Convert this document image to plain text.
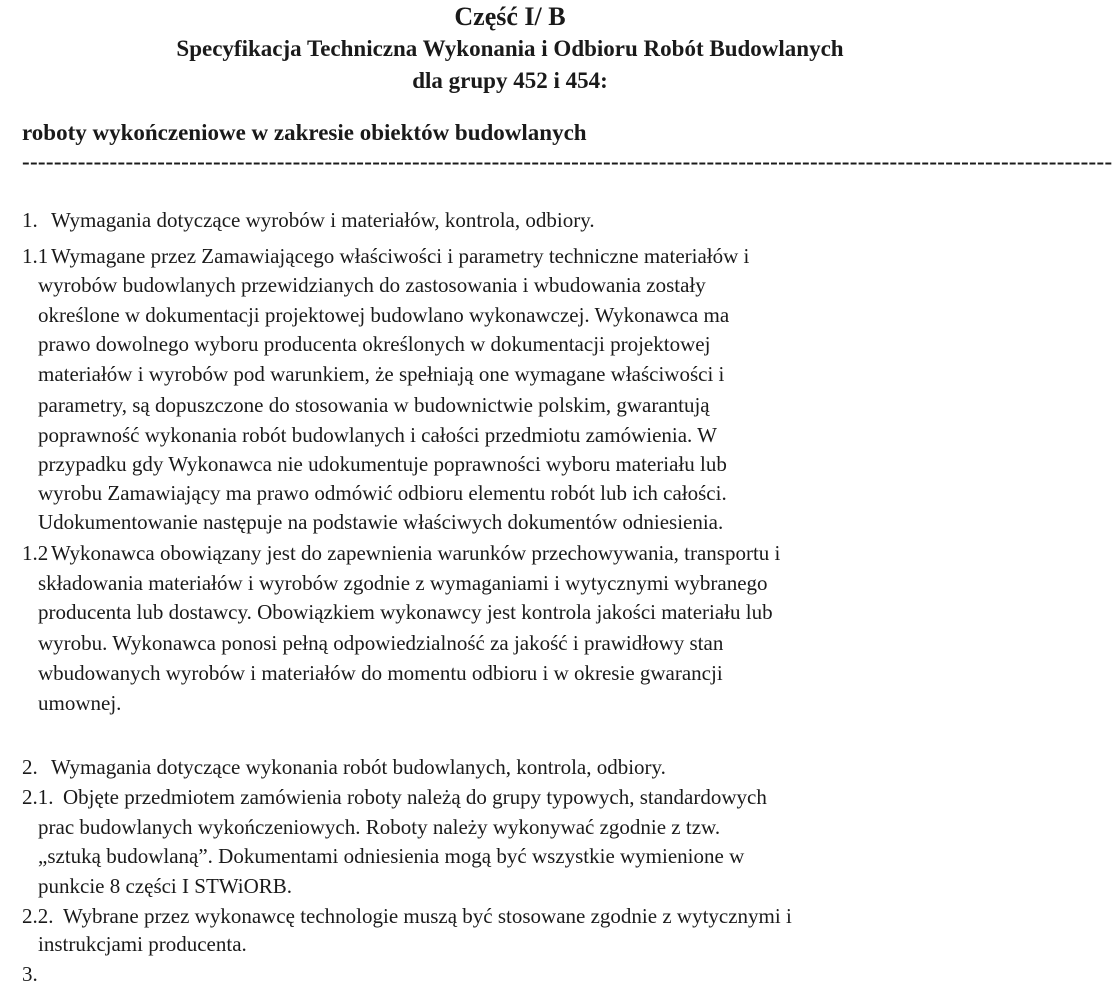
Część I/ B
Specyfikacja Techniczna Wykonania i Odbioru Robót Budowlanych
dla grupy 452 i 454:
roboty wykończeniowe w zakresie obiektów budowlanych
-----------------------------------------------------------------------------------------------------------------------------------------
1. Wymagania dotyczące wyrobów i materiałów, kontrola, odbiory.
1.1 Wymagane przez Zamawiającego właściwości i parametry techniczne materiałów i
wyrobów budowlanych przewidzianych do zastosowania i wbudowania zostały
określone w dokumentacji projektowej budowlano wykonawczej. Wykonawca ma
prawo dowolnego wyboru producenta określonych w dokumentacji projektowej
materiałów i wyrobów pod warunkiem, że spełniają one wymagane właściwości i
parametry, są dopuszczone do stosowania w budownictwie polskim, gwarantują
poprawność wykonania robót budowlanych i całości przedmiotu zamówienia. W
przypadku gdy Wykonawca nie udokumentuje poprawności wyboru materiału lub
wyrobu Zamawiający ma prawo odmówić odbioru elementu robót lub ich całości.
Udokumentowanie następuje na podstawie właściwych dokumentów odniesienia.
1.2 Wykonawca obowiązany jest do zapewnienia warunków przechowywania, transportu i
składowania materiałów i wyrobów zgodnie z wymaganiami i wytycznymi wybranego
producenta lub dostawcy. Obowiązkiem wykonawcy jest kontrola jakości materiału lub
wyrobu. Wykonawca ponosi pełną odpowiedzialność za jakość i prawidłowy stan
wbudowanych wyrobów i materiałów do momentu odbioru i w okresie gwarancji
umownej.
2. Wymagania dotyczące wykonania robót budowlanych, kontrola, odbiory.
2.1. Objęte przedmiotem zamówienia roboty należą do grupy typowych, standardowych
prac budowlanych wykończeniowych. Roboty należy wykonywać zgodnie z tzw.
„sztuką budowlaną”. Dokumentami odniesienia mogą być wszystkie wymienione w
punkcie 8 części I STWiORB.
2.2. Wybrane przez wykonawcę technologie muszą być stosowane zgodnie z wytycznymi i
instrukcjami producenta.
3.
